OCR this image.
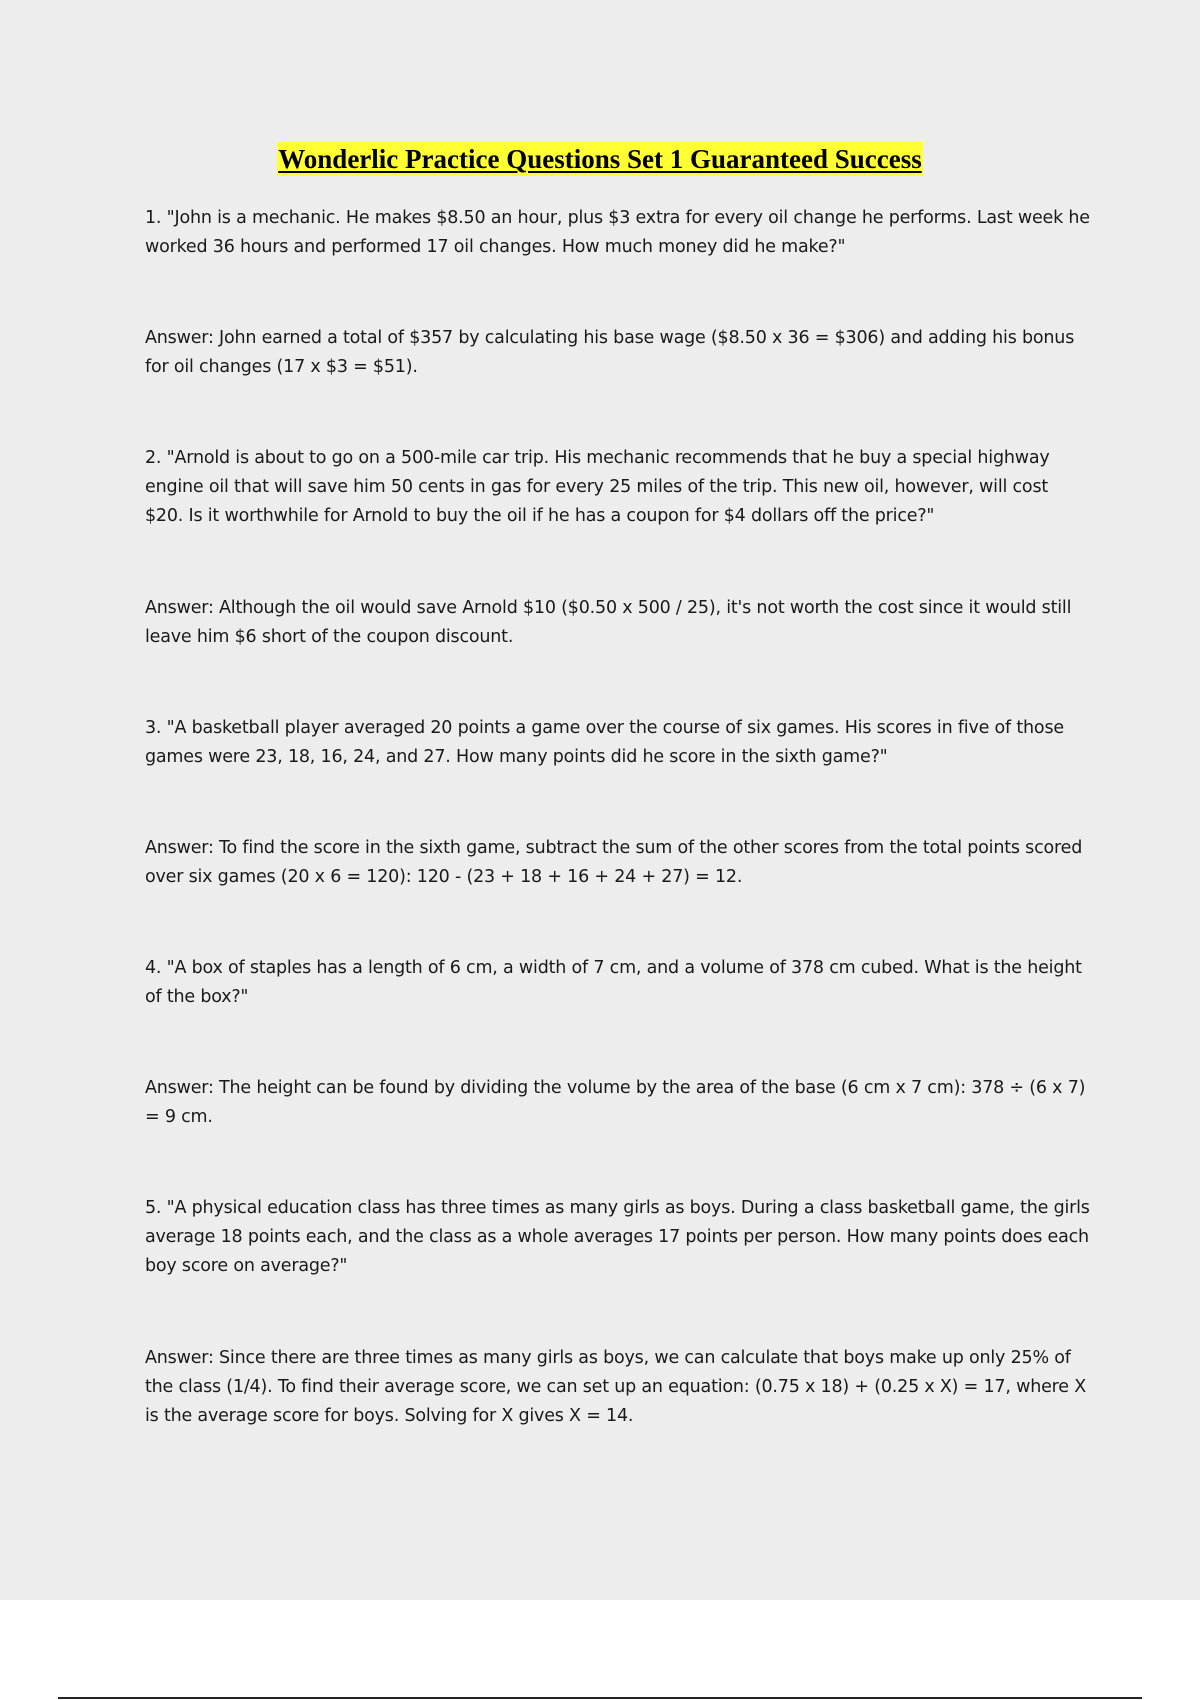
Wonderlic Practice Questions Set 1 Guaranteed Success

1. "John is a mechanic. He makes $8.50 an hour, plus $3 extra for every oil change he performs. Last week he worked 36 hours and performed 17 oil changes. How much money did he make?"

Answer: John earned a total of $357 by calculating his base wage ($8.50 x 36 = $306) and adding his bonus for oil changes (17 x $3 = $51).

2. "Arnold is about to go on a 500-mile car trip. His mechanic recommends that he buy a special highway engine oil that will save him 50 cents in gas for every 25 miles of the trip. This new oil, however, will cost $20. Is it worthwhile for Arnold to buy the oil if he has a coupon for $4 dollars off the price?"

Answer: Although the oil would save Arnold $10 ($0.50 x 500 / 25), it's not worth the cost since it would still leave him $6 short of the coupon discount.

3. "A basketball player averaged 20 points a game over the course of six games. His scores in five of those games were 23, 18, 16, 24, and 27. How many points did he score in the sixth game?"

Answer: To find the score in the sixth game, subtract the sum of the other scores from the total points scored over six games (20 x 6 = 120): 120 - (23 + 18 + 16 + 24 + 27) = 12.

4. "A box of staples has a length of 6 cm, a width of 7 cm, and a volume of 378 cm cubed. What is the height of the box?"

Answer: The height can be found by dividing the volume by the area of the base (6 cm x 7 cm): 378 ÷ (6 x 7) = 9 cm.

5. "A physical education class has three times as many girls as boys. During a class basketball game, the girls average 18 points each, and the class as a whole averages 17 points per person. How many points does each boy score on average?"

Answer: Since there are three times as many girls as boys, we can calculate that boys make up only 25% of the class (1/4). To find their average score, we can set up an equation: (0.75 x 18) + (0.25 x X) = 17, where X is the average score for boys. Solving for X gives X = 14.
